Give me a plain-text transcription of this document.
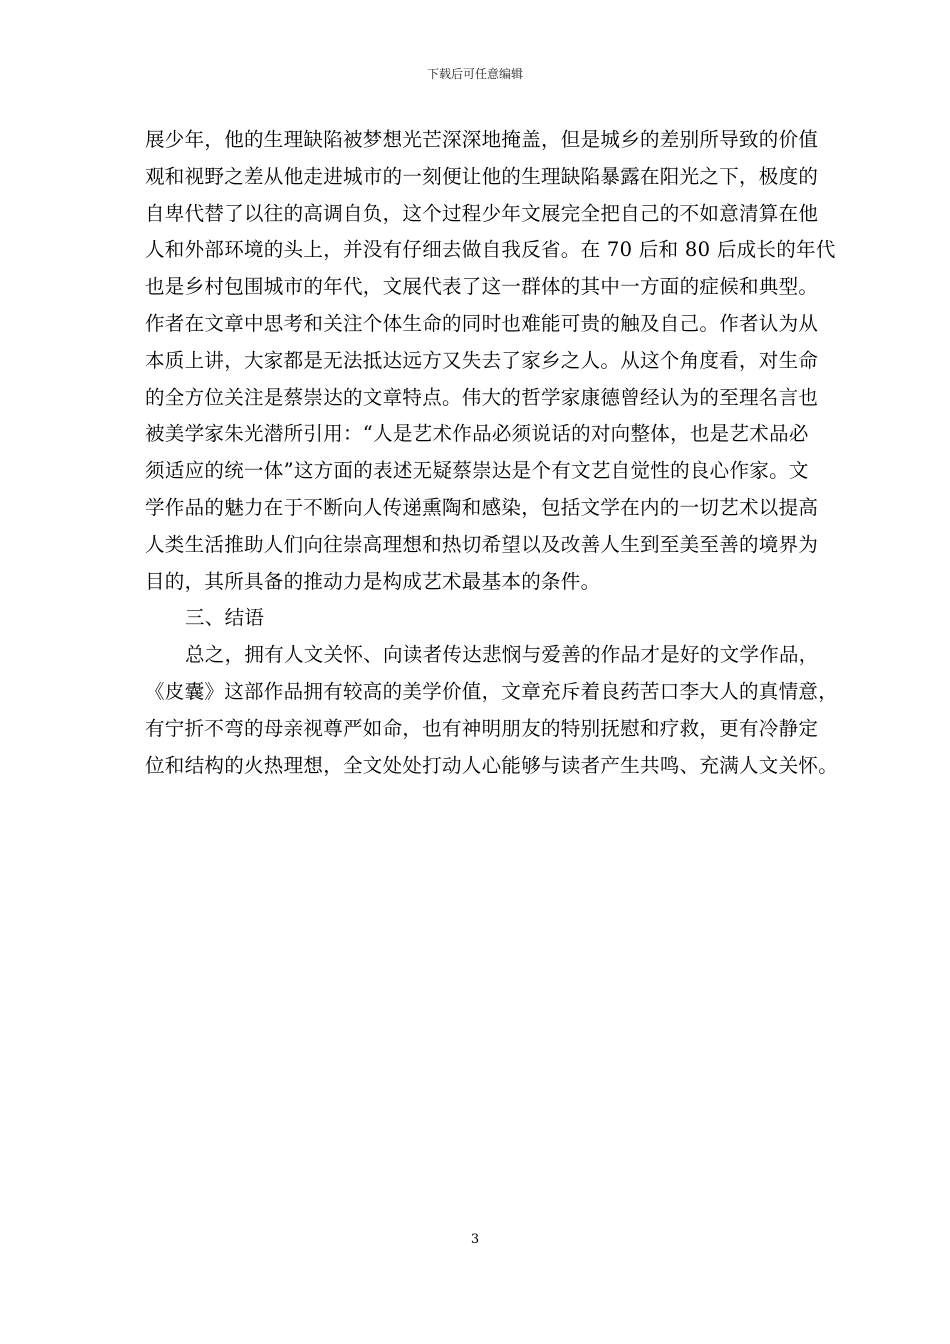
下载后可任意编辑
展少年，他的生理缺陷被梦想光芒深深地掩盖，但是城乡的差别所导致的价值
观和视野之差从他走进城市的一刻便让他的生理缺陷暴露在阳光之下，极度的
自卑代替了以往的高调自负，这个过程少年文展完全把自己的不如意清算在他
人和外部环境的头上，并没有仔细去做自我反省。在 70 后和 80 后成长的年代
也是乡村包围城市的年代，文展代表了这一群体的其中一方面的症候和典型。
作者在文章中思考和关注个体生命的同时也难能可贵的触及自己。作者认为从
本质上讲，大家都是无法抵达远方又失去了家乡之人。从这个角度看，对生命
的全方位关注是蔡崇达的文章特点。伟大的哲学家康德曾经认为的至理名言也
被美学家朱光潜所引用：“人是艺术作品必须说话的对向整体，也是艺术品必
须适应的统一体”这方面的表述无疑蔡崇达是个有文艺自觉性的良心作家。文
学作品的魅力在于不断向人传递熏陶和感染，包括文学在内的一切艺术以提高
人类生活推助人们向往崇高理想和热切希望以及改善人生到至美至善的境界为
目的，其所具备的推动力是构成艺术最基本的条件。
三、结语
总之，拥有人文关怀、向读者传达悲悯与爱善的作品才是好的文学作品，
《皮囊》这部作品拥有较高的美学价值，文章充斥着良药苦口李大人的真情意，
有宁折不弯的母亲视尊严如命，也有神明朋友的特别抚慰和疗救，更有冷静定
位和结构的火热理想，全文处处打动人心能够与读者产生共鸣、充满人文关怀。
3
